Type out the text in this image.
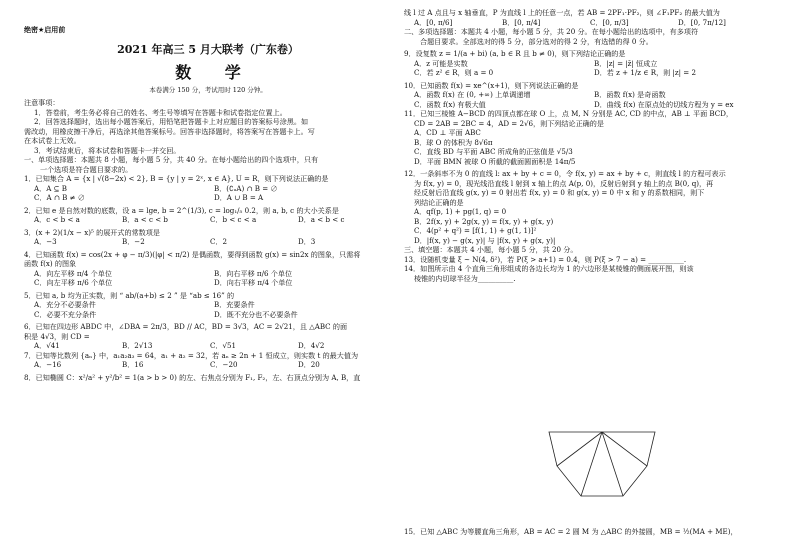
绝密★启用前
2021 年高三 5 月大联考（广东卷）
数 学
本卷满分 150 分，考试用时 120 分钟。
注意事项：
1．答卷前，考生务必将自己的姓名、考生号等填写在答题卡和试卷指定位置上。
2．回答选择题时，选出每小题答案后，用铅笔把答题卡上对应题目的答案标号涂黑。如
需改动，用橡皮擦干净后，再选涂其他答案标号。回答非选择题时，将答案写在答题卡上。写
在本试卷上无效。
3．考试结束后，将本试卷和答题卡一并交回。
一、单项选择题：本题共 8 小题，每小题 5 分，共 40 分。在每小题给出的四个选项中，只有
一个选项是符合题目要求的。
1．已知集合 A = {x | √(8−2x) < 2}, B = {y | y = 2ˣ, x ∈ A}, U = R，则下列说法正确的是
A．A ⊆ B	B．(∁ᵤA) ∩ B = ∅
C．A ∩ B ≠ ∅	D．A ∪ B = A
2．已知 e 是自然对数的底数，设 a = lge, b = 2^(1/3), c = log₁/₅ 0.2，则 a, b, c 的大小关系是
A．c < b < a	B．a < c < b	C．b < c < a	D．a < b < c
3．(x + 2)(1/x − x)⁵ 的展开式的常数项是
A．−3	B．−2	C．2	D．3
4．已知函数 f(x) = cos(2x + φ − π/3)(|φ| < π/2) 是偶函数，要得到函数 g(x) = sin2x 的图象，只需将
函数 f(x) 的图象
A．向左平移 π/4 个单位	B．向右平移 π/6 个单位
C．向左平移 π/6 个单位	D．向右平移 π/4 个单位
5．已知 a, b 均为正实数，则 “ ab/(a+b) ≤ 2 ” 是 “ab ≤ 16” 的
A．充分不必要条件	B．充要条件
C．必要不充分条件	D．既不充分也不必要条件
6．已知在四边形 ABDC 中，∠DBA = 2π/3，BD // AC，BD = 3√3，AC = 2√21，且 △ABC 的面
积是 4√3，则 CD =
A．√41	B．2√13	C．√51	D．4√2
7．已知等比数列 {aₙ} 中，a₁a₂a₃ = 64，a₁ + a₂ = 32，若 aₙ ≥ 2n + 1 恒成立，则实数 t 的最大值为
A．−16	B．16	C．−20	D．20
8．已知椭圆 C：x²/a² + y²/b² = 1(a > b > 0) 的左、右焦点分别为 F₁, F₂，左、右顶点分别为 A, B，直
线 l 过 A 点且与 x 轴垂直，P 为直线 l 上的任意一点，若 AB = 2PF₁·PF₂，则 ∠F₁PF₂ 的最大值为
A．[0, π/6]	B．[0, π/4]	C．[0, π/3]	D．[0, 7π/12]
二、多项选择题：本题共 4 小题，每小题 5 分，共 20 分。在每小题给出的选项中，有多项符
合题目要求。全部选对的得 5 分，部分选对的得 2 分，有选错的得 0 分。
9．设复数 z = 1/(a + bi) (a, b ∈ R 且 b ≠ 0)，则下列结论正确的是
A．z 可能是实数	B．|z| = |z̄| 恒成立
C．若 z² ∈ R，则 a = 0	D．若 z + 1/z ∈ R，则 |z| = 2
10．已知函数 f(x) = xe^(x+1)，则下列说法正确的是
A．函数 f(x) 在 (0, +∞) 上单调递增	B．函数 f(x) 是奇函数
C．函数 f(x) 有极大值	D．曲线 f(x) 在原点处的切线方程为 y = ex
11．已知三棱锥 A−BCD 的四顶点都在球 O 上，点 M, N 分别是 AC, CD 的中点，AB ⊥ 平面 BCD，
CD = 2AB = 2BC = 4，AD = 2√6，则下列结论正确的是
A．CD ⊥ 平面 ABC
B．球 O 的体积为 8√6π
C．直线 BD 与平面 ABC 所成角的正弦值是 √5/3
D．平面 BMN 被球 O 所截的截面圆面积是 14π/5
12．一条斜率不为 0 的直线 l: ax + by + c = 0，令 f(x, y) = ax + by + c，则直线 l 的方程可表示
为 f(x, y) = 0，现光线沿直线 l 射到 x 轴上的点 A(p, 0)，反射后射到 y 轴上的点 B(0, q)，再
经反射后沿直线 g(x, y) = 0 射出若 f(x, y) = 0 和 g(x, y) = 0 中 x 和 y 的系数相同，则下
列结论正确的是
A．qf(p, 1) + pg(1, q) = 0
B．2f(x, y) + 2g(x, y) = f(x, y) + g(x, y)
C．4(p² + q²) = [f(1, 1) + g(1, 1)]²
D．|f(x, y) − g(x, y)| 与 |f(x, y) + g(x, y)|
三、填空题：本题共 4 小题，每小题 5 分，共 20 分。
13．设随机变量 ξ ~ N(4, δ²)，若 P(ξ > a+1) = 0.4，则 P(ξ > 7 − a) = __________.
14．如图所示由 4 个直角三角形组成的各边长均为 1 的六边形是某棱锥的侧面展开图，则该
棱锥的内切球半径为__________.
15．已知 △ABC 为等腰直角三角形，AB = AC = 2 圆 M 为 △ABC 的外接圆，MB = ½(MA + ME)，
